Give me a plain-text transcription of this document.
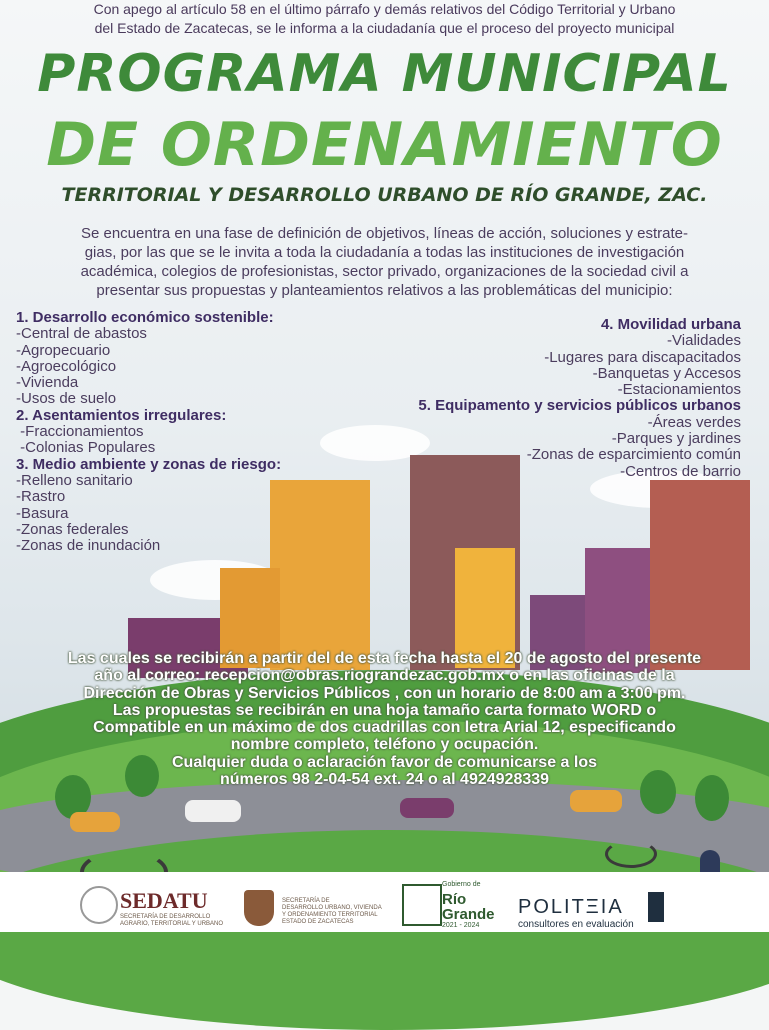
Con apego al artículo 58 en el último párrafo y demás relativos del Código Territorial y Urbano
del Estado de Zacatecas, se le informa a la ciudadanía que el proceso del proyecto municipal
PROGRAMA MUNICIPAL
DE ORDENAMIENTO
TERRITORIAL Y DESARROLLO URBANO DE RÍO GRANDE, ZAC.
Se encuentra en una fase de definición de objetivos, líneas de acción, soluciones y estrate-
gias, por las que se le invita a toda la ciudadanía a todas las instituciones de investigación
académica, colegios de profesionistas, sector privado, organizaciones de la sociedad civil a
presentar sus propuestas y planteamientos relativos a las problemáticas del municipio:
1. Desarrollo económico sostenible:
-Central de abastos
-Agropecuario
-Agroecológico
-Vivienda
-Usos de suelo
2. Asentamientos irregulares:
-Fraccionamientos
-Colonias Populares
3. Medio ambiente y zonas de riesgo:
-Relleno sanitario
-Rastro
-Basura
-Zonas federales
-Zonas de inundación
4. Movilidad urbana
-Vialidades
-Lugares para discapacitados
-Banquetas y Accesos
-Estacionamientos
5. Equipamento y servicios públicos urbanos
-Áreas verdes
-Parques y jardines
-Zonas de esparcimiento común
-Centros de barrio
Las cuales se recibirán a partir del de esta fecha hasta el 20 de agosto del presente
año al correo: recepcion@obras.riograndezac.gob.mx o en las oficinas de la
Dirección de Obras y Servicios Públicos , con un horario de 8:00 am a 3:00 pm.
Las propuestas se recibirán en una hoja tamaño carta formato WORD o
Compatible en un máximo de dos cuadrillas con letra Arial 12, especificando
nombre completo, teléfono y ocupación.
Cualquier duda o aclaración favor de comunicarse a los
números 98 2-04-54 ext. 24 o al 4924928339
SEDATU
SECRETARÍA DE DESARROLLO
AGRARIO, TERRITORIAL Y URBANO
SECRETARÍA DE
DESARROLLO URBANO, VIVIENDA
Y ORDENAMIENTO TERRITORIAL
ESTADO DE ZACATECAS
Gobierno de
Río
Grande
2021 - 2024
POLITΞIA
consultores en evaluación
